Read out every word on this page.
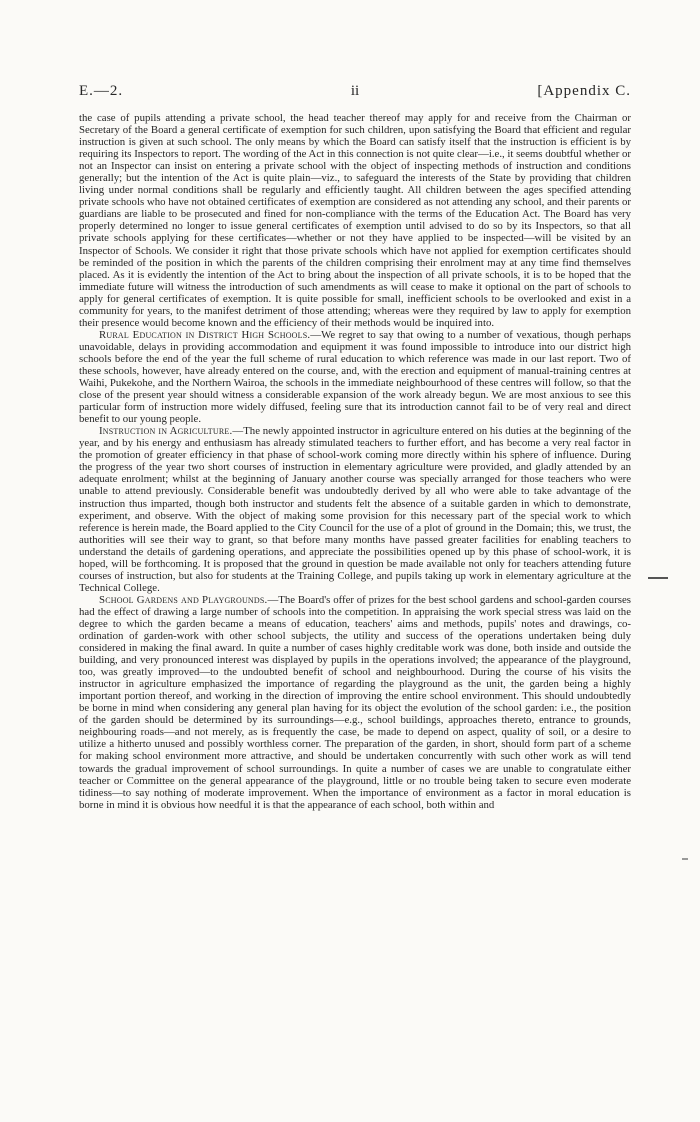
E.—2.	ii	[Appendix C.

the case of pupils attending a private school, the head teacher thereof may apply for and receive from the Chairman or Secretary of the Board a general certificate of exemption for such children, upon satisfying the Board that efficient and regular instruction is given at such school. The only means by which the Board can satisfy itself that the instruction is efficient is by requiring its Inspectors to report. The wording of the Act in this connection is not quite clear—i.e., it seems doubtful whether or not an Inspector can insist on entering a private school with the object of inspecting methods of instruction and conditions generally; but the intention of the Act is quite plain—viz., to safeguard the interests of the State by providing that children living under normal conditions shall be regularly and efficiently taught. All children between the ages specified attending private schools who have not obtained certificates of exemption are considered as not attending any school, and their parents or guardians are liable to be prosecuted and fined for non-compliance with the terms of the Education Act. The Board has very properly determined no longer to issue general certificates of exemption until advised to do so by its Inspectors, so that all private schools applying for these certificates—whether or not they have applied to be inspected—will be visited by an Inspector of Schools. We consider it right that those private schools which have not applied for exemption certificates should be reminded of the position in which the parents of the children comprising their enrolment may at any time find themselves placed. As it is evidently the intention of the Act to bring about the inspection of all private schools, it is to be hoped that the immediate future will witness the introduction of such amendments as will cease to make it optional on the part of schools to apply for general certificates of exemption. It is quite possible for small, inefficient schools to be overlooked and exist in a community for years, to the manifest detriment of those attending; whereas were they required by law to apply for exemption their presence would become known and the efficiency of their methods would be inquired into.

Rural Education in District High Schools.—We regret to say that owing to a number of vexatious, though perhaps unavoidable, delays in providing accommodation and equipment it was found impossible to introduce into our district high schools before the end of the year the full scheme of rural education to which reference was made in our last report. Two of these schools, however, have already entered on the course, and, with the erection and equipment of manual-training centres at Waihi, Pukekohe, and the Northern Wairoa, the schools in the immediate neighbourhood of these centres will follow, so that the close of the present year should witness a considerable expansion of the work already begun. We are most anxious to see this particular form of instruction more widely diffused, feeling sure that its introduction cannot fail to be of very real and direct benefit to our young people.

Instruction in Agriculture.—The newly appointed instructor in agriculture entered on his duties at the beginning of the year, and by his energy and enthusiasm has already stimulated teachers to further effort, and has become a very real factor in the promotion of greater efficiency in that phase of school-work coming more directly within his sphere of influence. During the progress of the year two short courses of instruction in elementary agriculture were provided, and gladly attended by an adequate enrolment; whilst at the beginning of January another course was specially arranged for those teachers who were unable to attend previously. Considerable benefit was undoubtedly derived by all who were able to take advantage of the instruction thus imparted, though both instructor and students felt the absence of a suitable garden in which to demonstrate, experiment, and observe. With the object of making some provision for this necessary part of the special work to which reference is herein made, the Board applied to the City Council for the use of a plot of ground in the Domain; this, we trust, the authorities will see their way to grant, so that before many months have passed greater facilities for enabling teachers to understand the details of gardening operations, and appreciate the possibilities opened up by this phase of school-work, it is hoped, will be forthcoming. It is proposed that the ground in question be made available not only for teachers attending future courses of instruction, but also for students at the Training College, and pupils taking up work in elementary agriculture at the Technical College.

School Gardens and Playgrounds.—The Board's offer of prizes for the best school gardens and school-garden courses had the effect of drawing a large number of schools into the competition. In appraising the work special stress was laid on the degree to which the garden became a means of education, teachers' aims and methods, pupils' notes and drawings, co-ordination of garden-work with other school subjects, the utility and success of the operations undertaken being duly considered in making the final award. In quite a number of cases highly creditable work was done, both inside and outside the building, and very pronounced interest was displayed by pupils in the operations involved; the appearance of the playground, too, was greatly improved—to the undoubted benefit of school and neighbourhood. During the course of his visits the instructor in agriculture emphasized the importance of regarding the playground as the unit, the garden being a highly important portion thereof, and working in the direction of improving the entire school environment. This should undoubtedly be borne in mind when considering any general plan having for its object the evolution of the school garden: i.e., the position of the garden should be determined by its surroundings—e.g., school buildings, approaches thereto, entrance to grounds, neighbouring roads—and not merely, as is frequently the case, be made to depend on aspect, quality of soil, or a desire to utilize a hitherto unused and possibly worthless corner. The preparation of the garden, in short, should form part of a scheme for making school environment more attractive, and should be undertaken concurrently with such other work as will tend towards the gradual improvement of school surroundings. In quite a number of cases we are unable to congratulate either teacher or Committee on the general appearance of the playground, little or no trouble being taken to secure even moderate tidiness—to say nothing of moderate improvement. When the importance of environment as a factor in moral education is borne in mind it is obvious how needful it is that the appearance of each school, both within and
